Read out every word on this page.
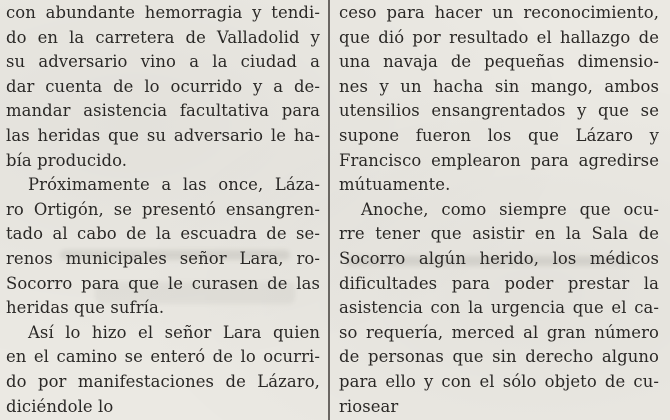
con abundante hemorragia y tendi-
do en la carretera de Valladolid y
su adversario vino a la ciudad a
dar cuenta de lo ocurrido y a de-
mandar asistencia facultativa para
las heridas que su adversario le ha-
bía producido.
Próximamente a las once, Láza-
ro Ortigón, se presentó ensangren-
tado al cabo de la escuadra de se-
renos municipales señor Lara, ro-
Socorro para que le curasen de las
heridas que sufría.
Así lo hizo el señor Lara quien
en el camino se enteró de lo ocurri-
do por manifestaciones de Lázaro,
diciéndole lo
ceso para hacer un reconocimiento,
que dió por resultado el hallazgo de
una navaja de pequeñas dimensio-
nes y un hacha sin mango, ambos
utensilios ensangrentados y que se
supone fueron los que Lázaro y
Francisco emplearon para agredirse
mútuamente.
Anoche, como siempre que ocu-
rre tener que asistir en la Sala de
Socorro algún herido, los médicos
dificultades para poder prestar la
asistencia con la urgencia que el ca-
so requería, merced al gran número
de personas que sin derecho alguno
para ello y con el sólo objeto de cu-
riosear
